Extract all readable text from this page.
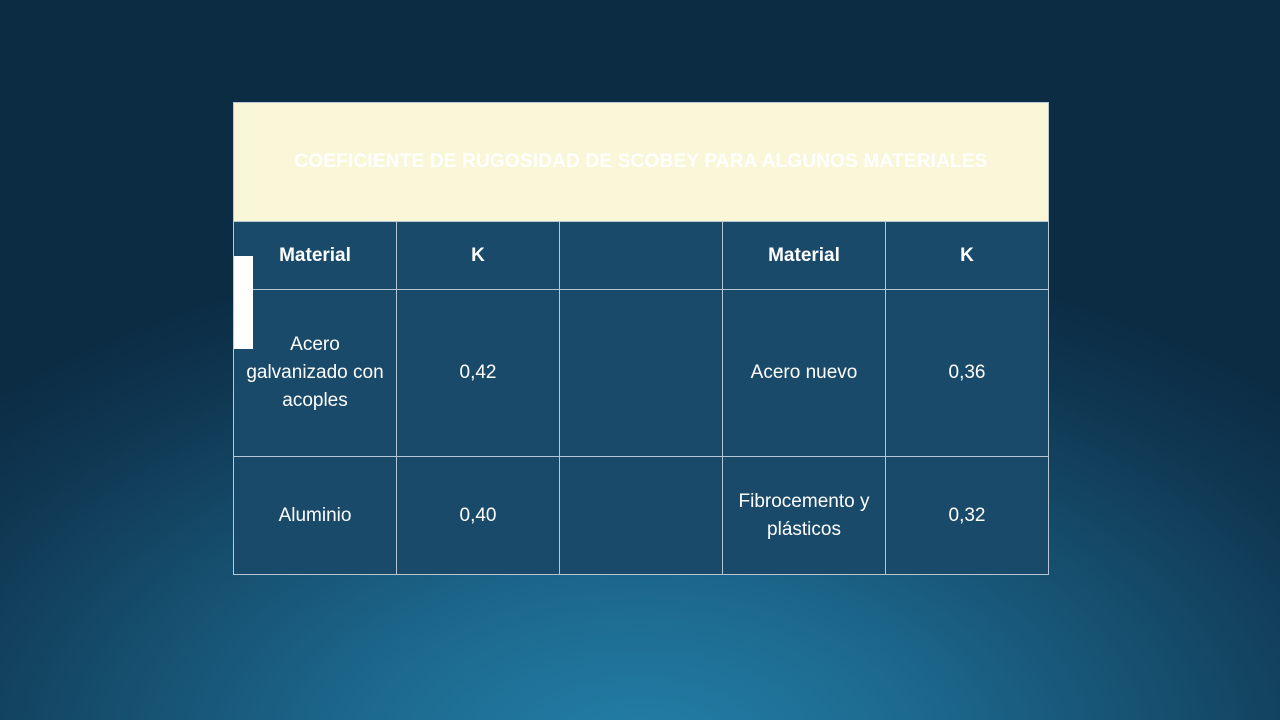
COEFICIENTE DE RUGOSIDAD DE SCOBEY PARA ALGUNOS MATERIALES				
Material	K		Material	K
Acero galvanizado con acoples	0,42		Acero nuevo	0,36
Aluminio	0,40		Fibrocemento y plásticos	0,32
